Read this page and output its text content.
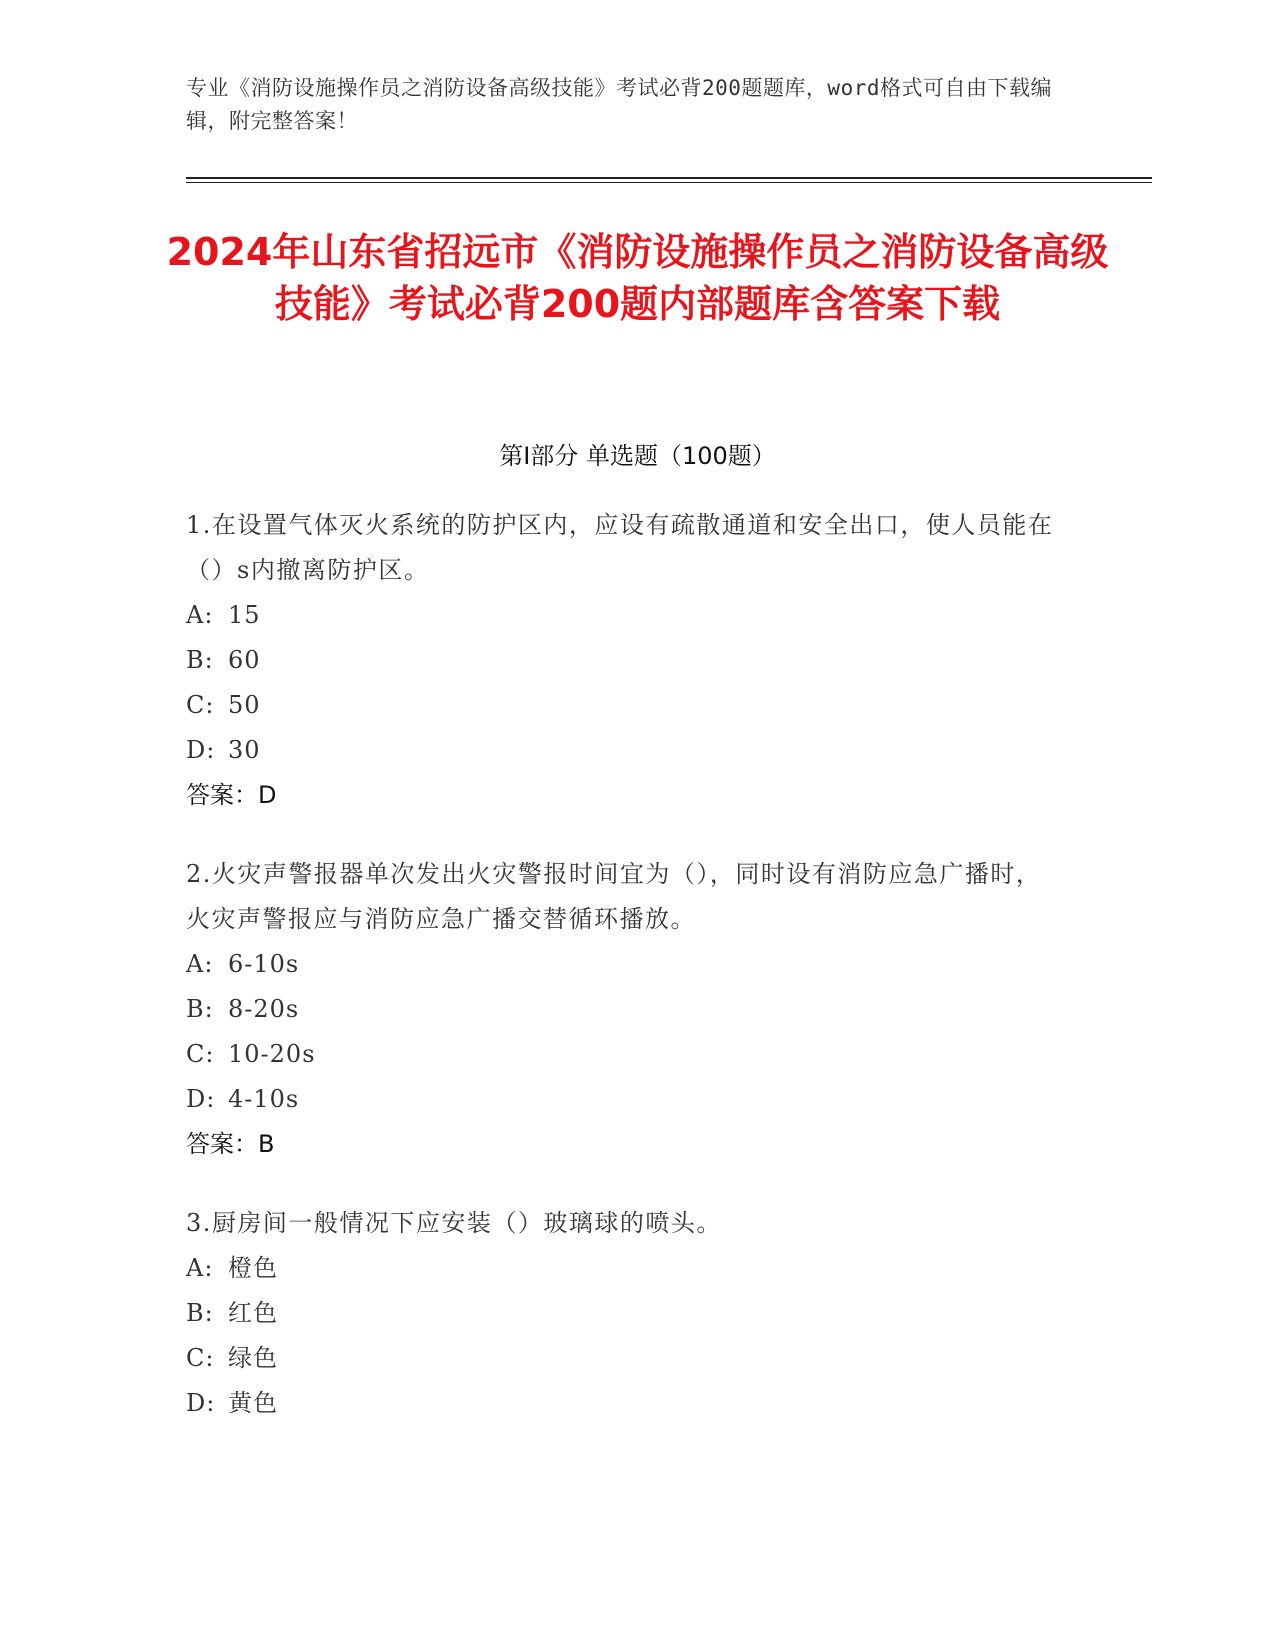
专业《消防设施操作员之消防设备高级技能》考试必背200题题库，word格式可自由下载编辑，附完整答案！
2024年山东省招远市《消防设施操作员之消防设备高级技能》考试必背200题内部题库含答案下载
第Ⅰ部分 单选题（100题）
1.在设置气体灭火系统的防护区内，应设有疏散通道和安全出口，使人员能在（）s内撤离防护区。
A: 15
B: 60
C: 50
D: 30
答案：D
2.火灾声警报器单次发出火灾警报时间宜为（），同时设有消防应急广播时，火灾声警报应与消防应急广播交替循环播放。
A: 6-10s
B: 8-20s
C: 10-20s
D: 4-10s
答案：B
3.厨房间一般情况下应安装（）玻璃球的喷头。
A: 橙色
B: 红色
C: 绿色
D: 黄色
